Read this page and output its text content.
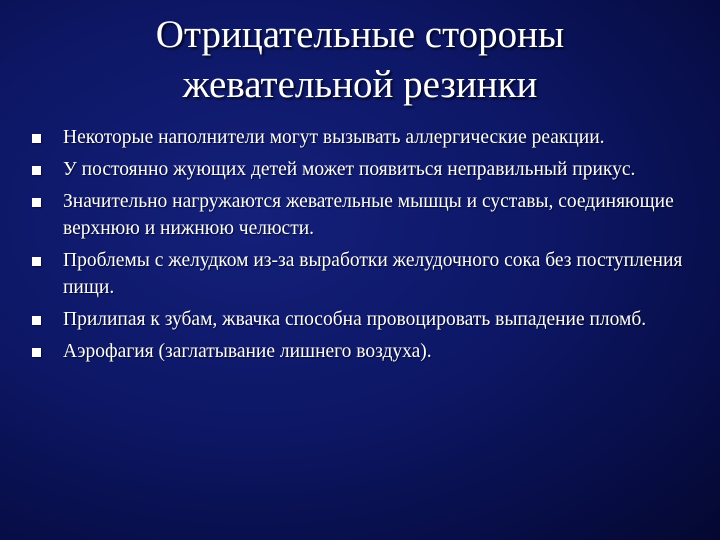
Отрицательные стороны
жевательной резинки
Некоторые наполнители могут вызывать аллергические реакции.
У постоянно жующих детей может появиться неправильный прикус.
Значительно нагружаются жевательные мышцы и суставы, соединяющие верхнюю и нижнюю челюсти.
Проблемы с желудком из-за выработки желудочного сока без поступления пищи.
Прилипая к зубам, жвачка способна провоцировать выпадение пломб.
Аэрофагия (заглатывание лишнего воздуха).
